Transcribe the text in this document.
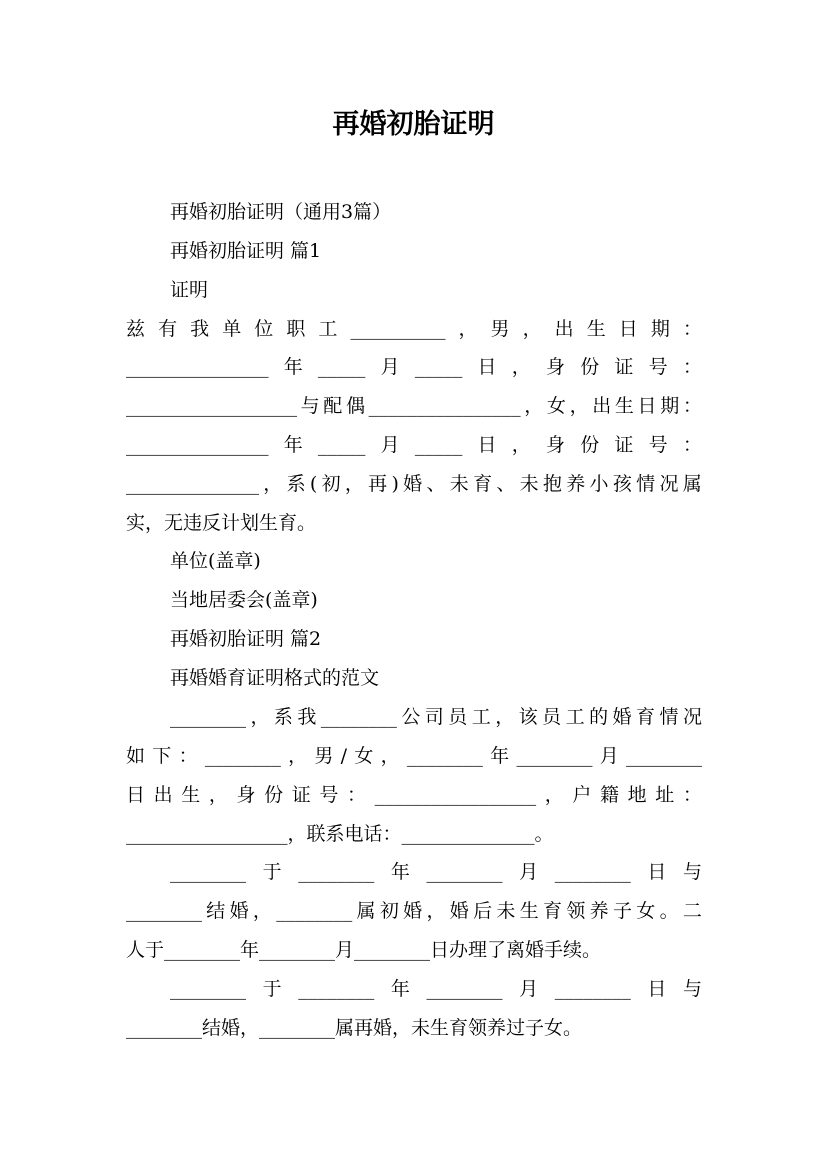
再婚初胎证明
再婚初胎证明（通用3篇）
再婚初胎证明 篇1
证明
兹 有 我 单 位 职 工 __________ ， 男 ， 出 生 日 期 ：
_______________ 年 _____ 月 _____ 日 ， 身 份 证 号 ：
__________________ 与 配 偶 ________________ ， 女 ， 出 生 日 期 ：
_______________ 年 _____ 月 _____ 日 ， 身 份 证 号 ：
______________ ， 系 ( 初 ， 再 ) 婚 、 未 育 、 未 抱 养 小 孩 情 况 属
实，无违反计划生育。
单位(盖章)
当地居委会(盖章)
再婚初胎证明 篇2
再婚婚育证明格式的范文
________ ， 系 我 ________ 公 司 员 工 ， 该 员 工 的 婚 育 情 况
如 下 ： ________ ， 男 / 女 ， ________ 年 ________ 月 ________
日 出 生 ， 身 份 证 号 ： _________________ ， 户 籍 地 址 ：
_________________，联系电话：______________。
________ 于 ________ 年 ________ 月 ________ 日 与
________ 结 婚 ， ________ 属 初 婚 ， 婚 后 未 生 育 领 养 子 女 。 二
人于________年________月________日办理了离婚手续。
________ 于 ________ 年 ________ 月 ________ 日 与
________结婚，________属再婚，未生育领养过子女。
